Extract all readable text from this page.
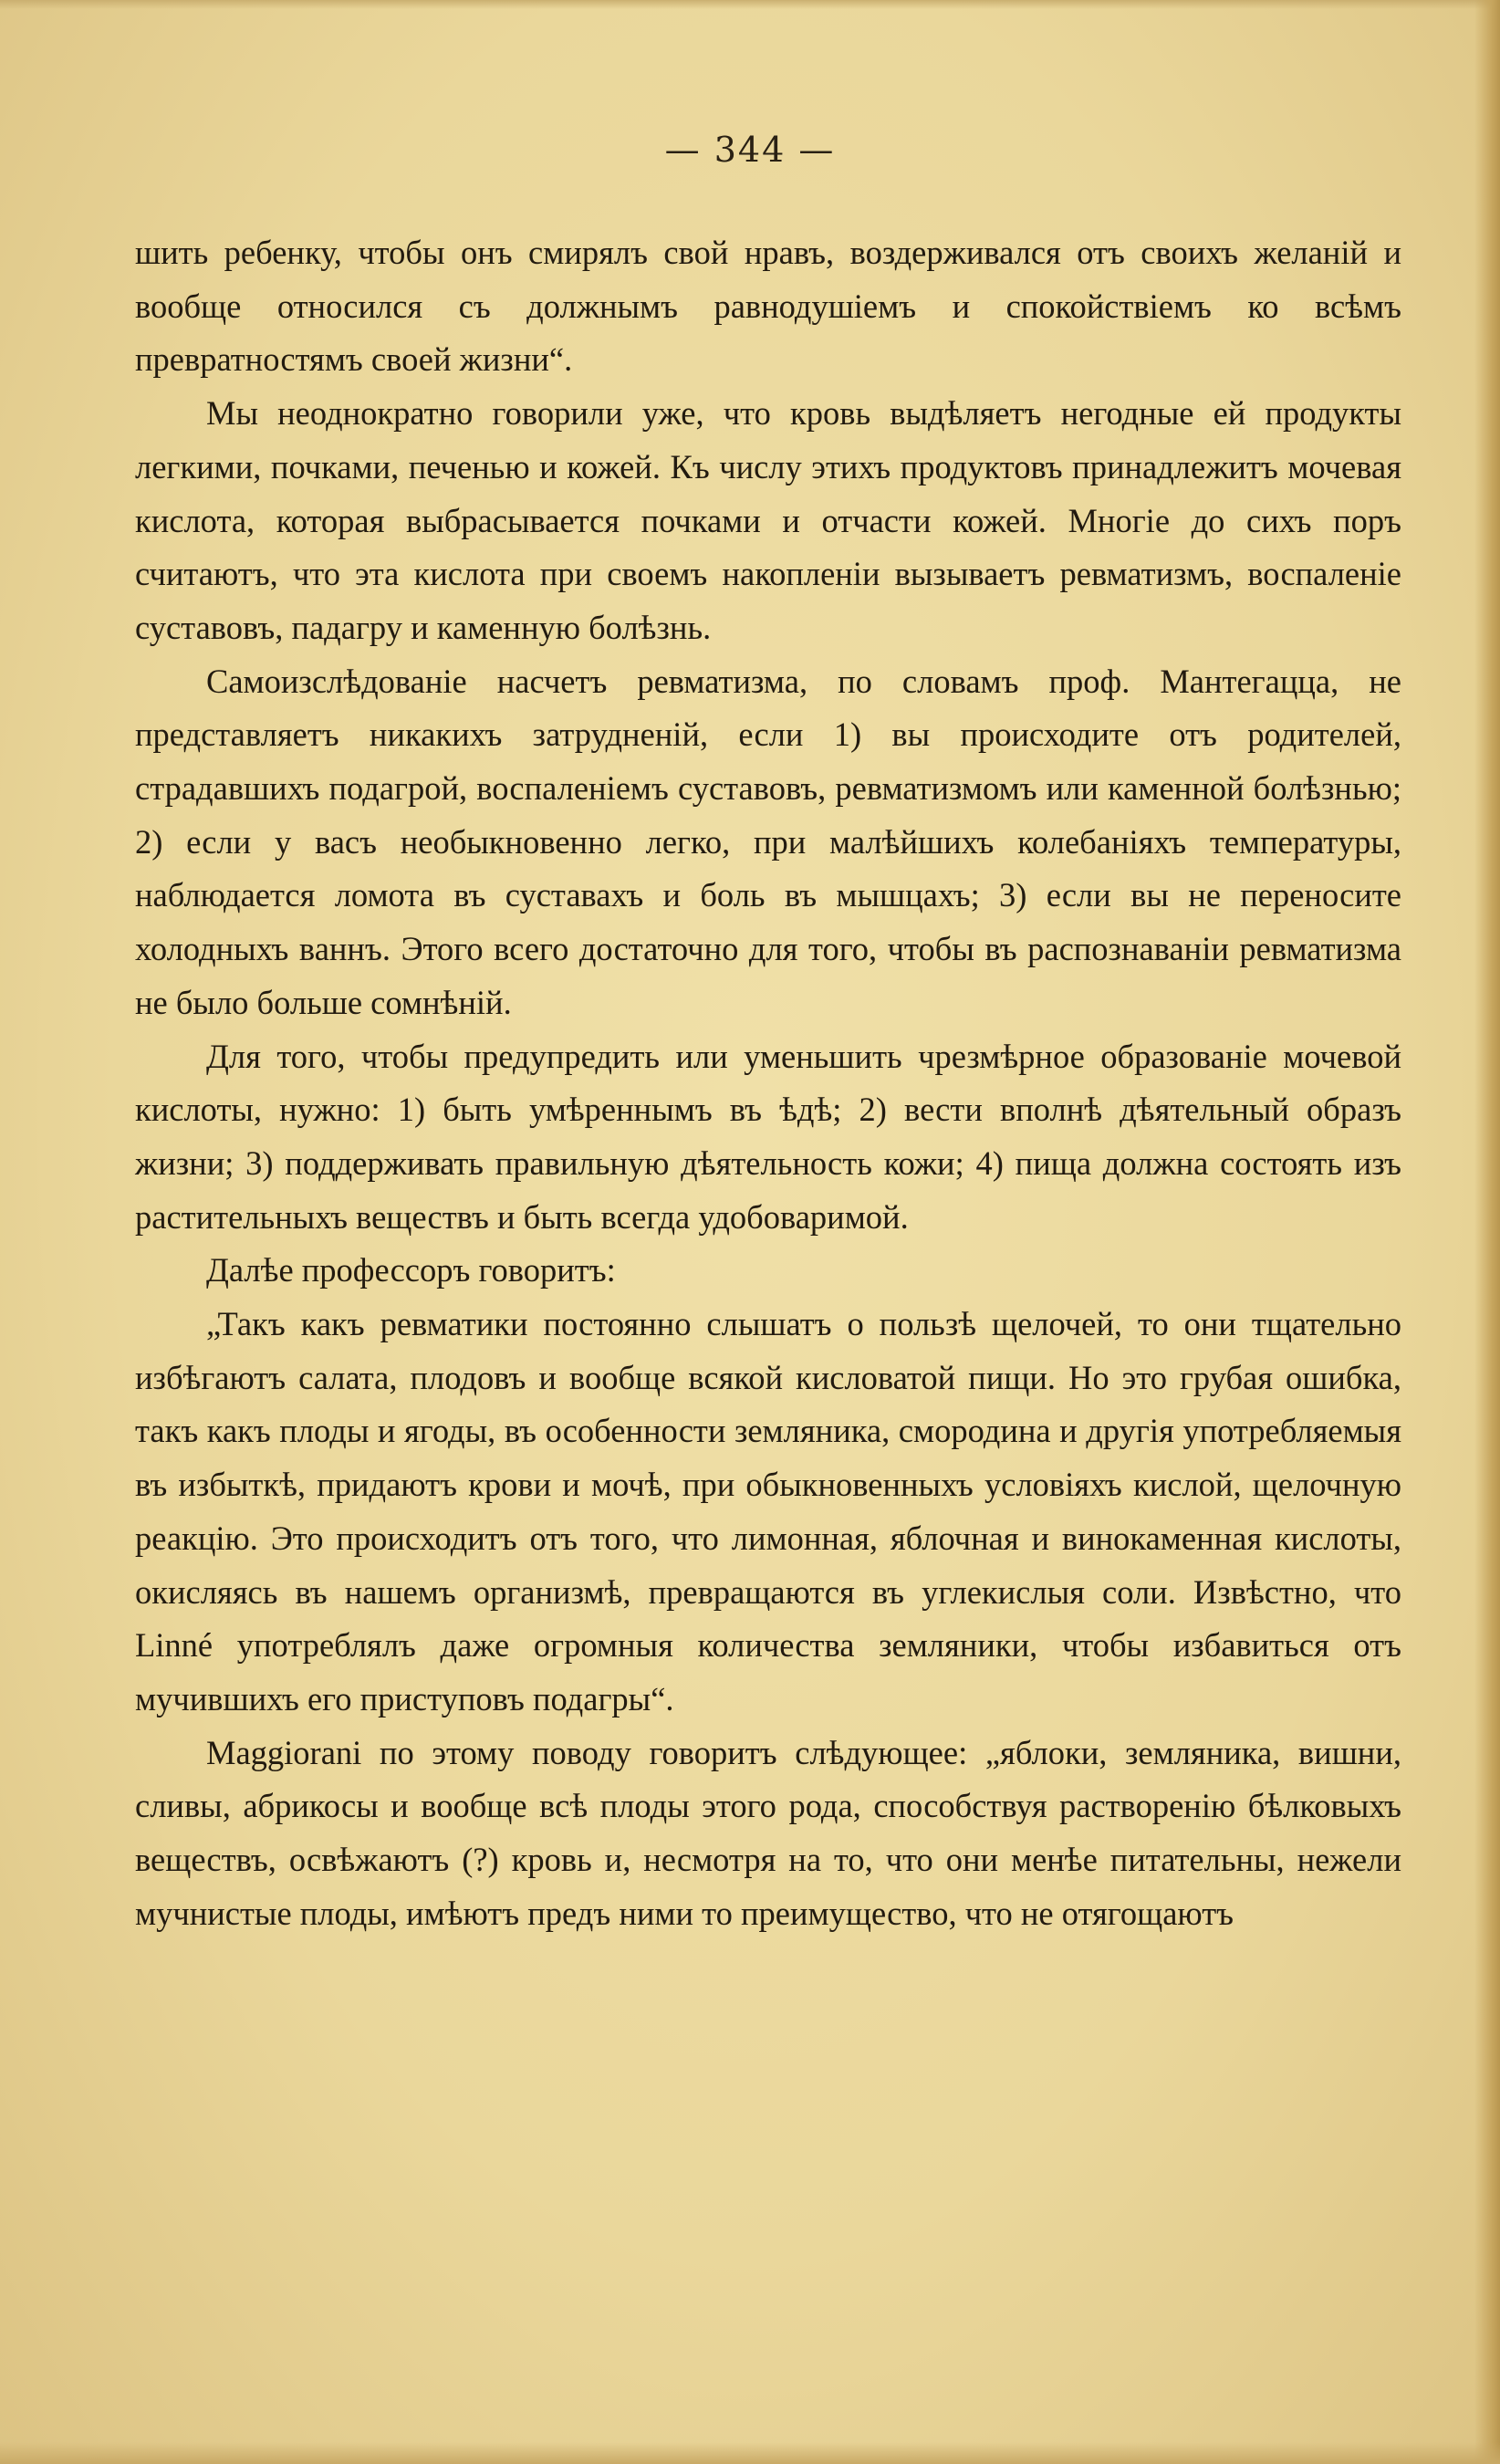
— 344 —

шить ребенку, чтобы онъ смирялъ свой нравъ, воздерживался отъ своихъ желаній и вообще относился съ должнымъ равнодушіемъ и спокойствіемъ ко всѣмъ превратностямъ своей жизни“.

Мы неоднократно говорили уже, что кровь выдѣляетъ негодные ей продукты легкими, почками, печенью и кожей. Къ числу этихъ продуктовъ принадлежитъ мочевая кислота, которая выбрасывается почками и отчасти кожей. Многіе до сихъ поръ считаютъ, что эта кислота при своемъ накопленіи вызываетъ ревматизмъ, воспаленіе суставовъ, падагру и каменную болѣзнь.

Самоизслѣдованіе насчетъ ревматизма, по словамъ проф. Мантегацца, не представляетъ никакихъ затрудненій, если 1) вы происходите отъ родителей, страдавшихъ подагрой, воспаленіемъ суставовъ, ревматизмомъ или каменной болѣзнью; 2) если у васъ необыкновенно легко, при малѣйшихъ колебаніяхъ температуры, наблюдается ломота въ суставахъ и боль въ мышцахъ; 3) если вы не переносите холодныхъ ваннъ. Этого всего достаточно для того, чтобы въ распознаваніи ревматизма не было больше сомнѣній.

Для того, чтобы предупредить или уменьшить чрезмѣрное образованіе мочевой кислоты, нужно: 1) быть умѣреннымъ въ ѣдѣ; 2) вести вполнѣ дѣятельный образъ жизни; 3) поддерживать правильную дѣятельность кожи; 4) пища должна состоять изъ растительныхъ веществъ и быть всегда удобоваримой.

Далѣе профессоръ говоритъ:

„Такъ какъ ревматики постоянно слышатъ о пользѣ щелочей, то они тщательно избѣгаютъ салата, плодовъ и вообще всякой кисловатой пищи. Но это грубая ошибка, такъ какъ плоды и ягоды, въ особенности земляника, смородина и другія употребляемыя въ избыткѣ, придаютъ крови и мочѣ, при обыкновенныхъ условіяхъ кислой, щелочную реакцію. Это происходитъ отъ того, что лимонная, яблочная и винокаменная кислоты, окисляясь въ нашемъ организмѣ, превращаются въ углекислыя соли. Извѣстно, что Linné употреблялъ даже огромныя количества земляники, чтобы избавиться отъ мучившихъ его приступовъ подагры“.

Maggiorani по этому поводу говоритъ слѣдующее: „яблоки, земляника, вишни, сливы, абрикосы и вообще всѣ плоды этого рода, способствуя растворенію бѣлковыхъ веществъ, освѣжаютъ (?) кровь и, несмотря на то, что они менѣе питательны, нежели мучнистые плоды, имѣютъ предъ ними то преимущество, что не отягощаютъ
